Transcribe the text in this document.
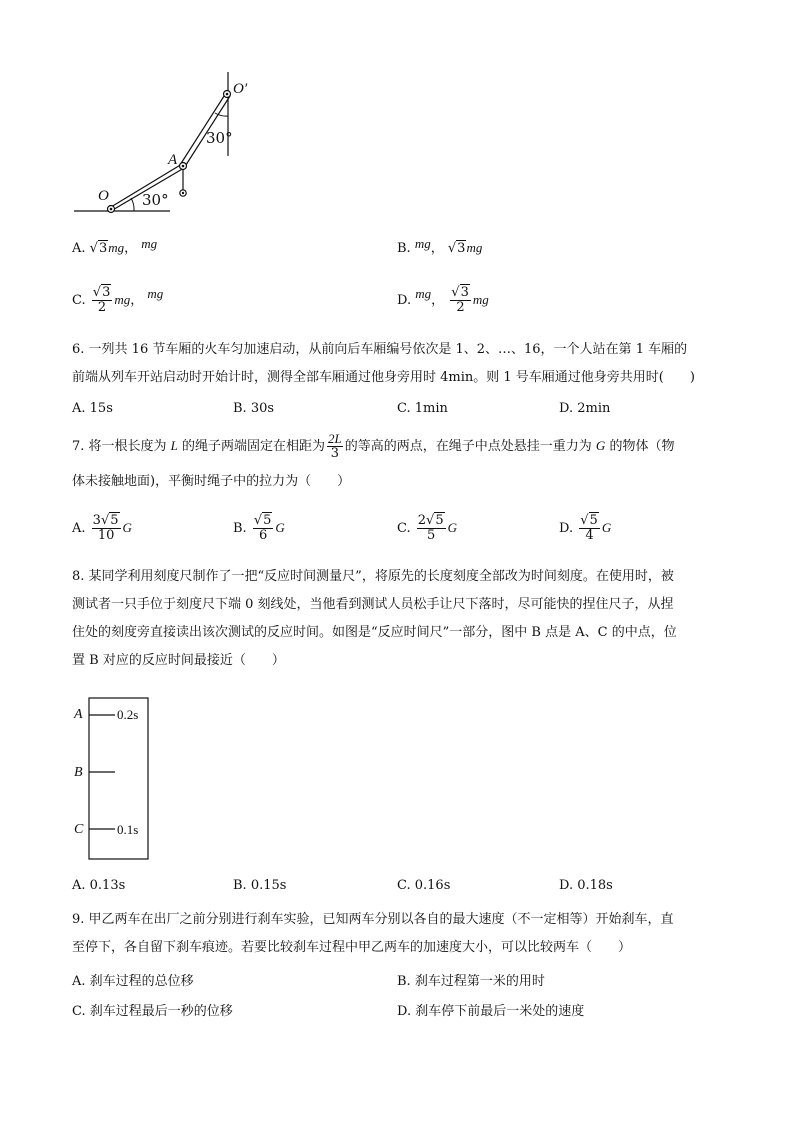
O
O′
A
30°
30°
A. √3mg， mg	B. mg， √3mg
C. $\frac{√3}{2}$ mg， mg	D. mg， $\frac{√3}{2}$ mg
6. 一列共 16 节车厢的火车匀加速启动，从前向后车厢编号依次是 1、2、…、16，一个人站在第 1 车厢的
前端从列车开站启动时开始计时，测得全部车厢通过他身旁用时 4min。则 1 号车厢通过他身旁共用时(　　)
A. 15s	B. 30s	C. 1min	D. 2min
7. 将一根长度为 L 的绳子两端固定在相距为 $\frac{2L}{3}$ 的等高的两点，在绳子中点处悬挂一重力为 G 的物体（物
体未接触地面)，平衡时绳子中的拉力为（　　）
A. $\frac{3√5}{10}$ G	B. $\frac{√5}{6}$ G	C. $\frac{2√5}{5}$ G	D. $\frac{√5}{4}$ G
8. 某同学利用刻度尺制作了一把“反应时间测量尺”，将原先的长度刻度全部改为时间刻度。在使用时，被
测试者一只手位于刻度尺下端 0 刻线处，当他看到测试人员松手让尺下落时，尽可能快的捏住尺子，从捏
住处的刻度旁直接读出该次测试的反应时间。如图是“反应时间尺”一部分，图中 B 点是 A、C 的中点，位
置 B 对应的反应时间最接近（　　）
A	0.2s
B
C	0.1s
A. 0.13s	B. 0.15s	C. 0.16s	D. 0.18s
9. 甲乙两车在出厂之前分别进行刹车实验，已知两车分别以各自的最大速度（不一定相等）开始刹车，直
至停下，各自留下刹车痕迹。若要比较刹车过程中甲乙两车的加速度大小，可以比较两车（　　）
A. 刹车过程的总位移	B. 刹车过程第一米的用时
C. 刹车过程最后一秒的位移	D. 刹车停下前最后一米处的速度
